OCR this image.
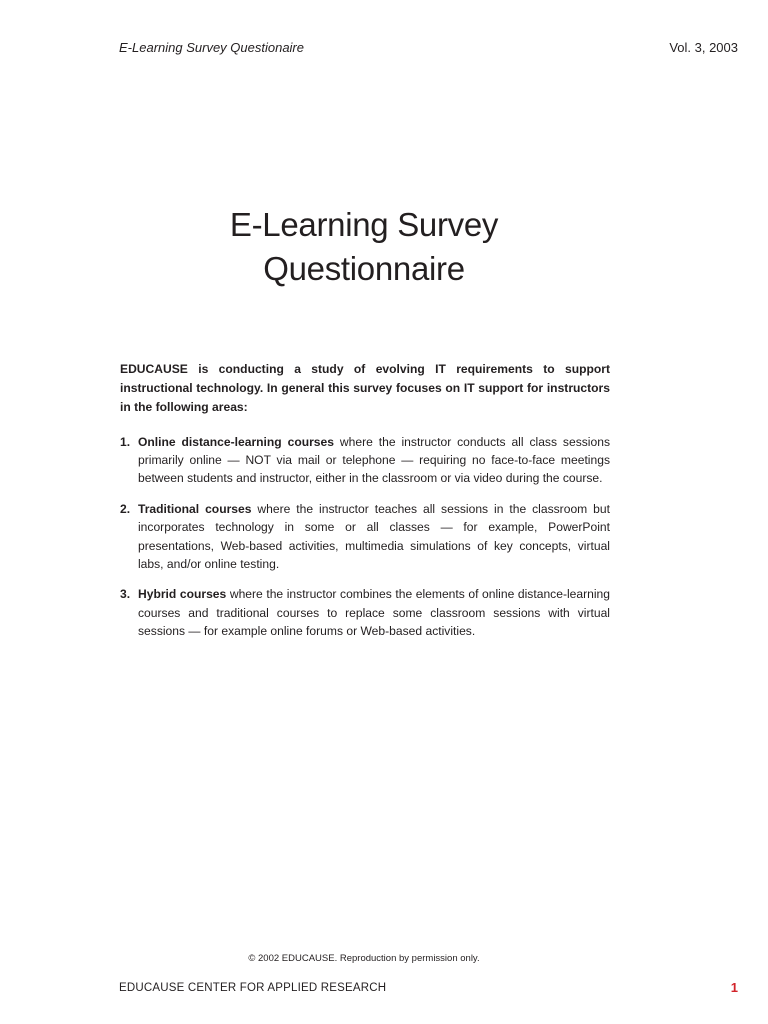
E-Learning Survey Questionaire	Vol. 3, 2003
E-Learning Survey
Questionnaire

EDUCAUSE is conducting a study of evolving IT requirements to support instructional technology. In general this survey focuses on IT support for instructors in the following areas:

1. Online distance-learning courses where the instructor conducts all class sessions primarily online — NOT via mail or telephone — requiring no face-to-face meetings between students and instructor, either in the classroom or via video during the course.
2. Traditional courses where the instructor teaches all sessions in the classroom but incorporates technology in some or all classes — for example, PowerPoint presentations, Web-based activities, multimedia simulations of key concepts, virtual labs, and/or online testing.
3. Hybrid courses where the instructor combines the elements of online distance-learning courses and traditional courses to replace some classroom sessions with virtual sessions — for example online forums or Web-based activities.
© 2002 EDUCAUSE. Reproduction by permission only.
EDUCAUSE CENTER FOR APPLIED RESEARCH	1
